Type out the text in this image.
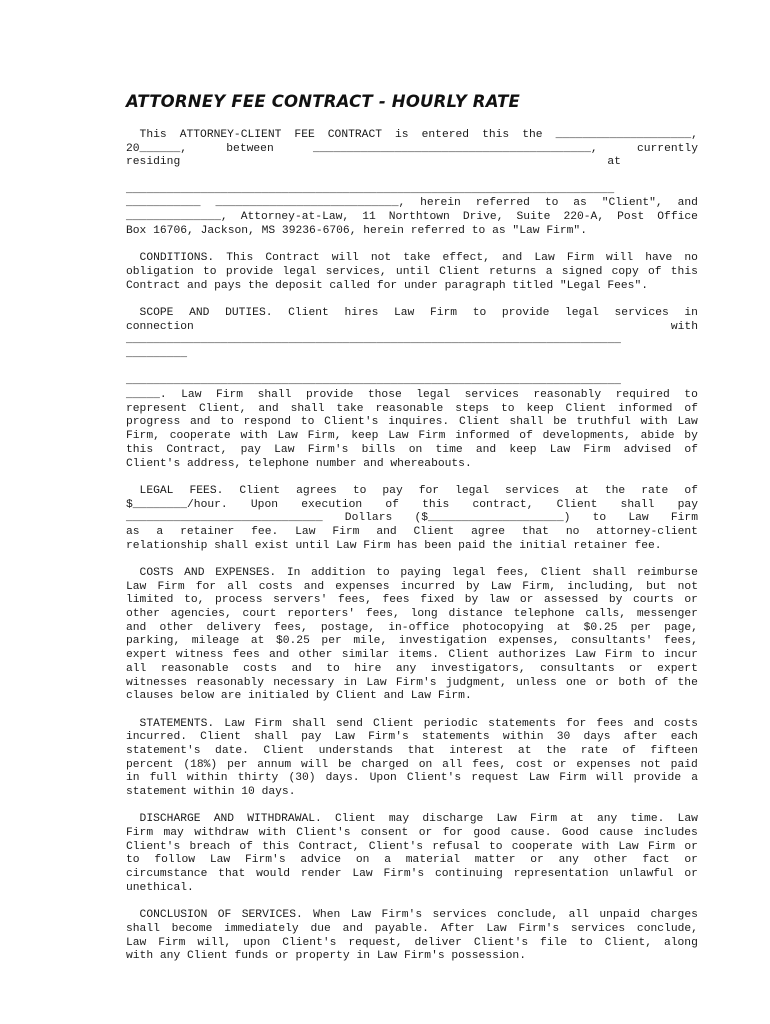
ATTORNEY FEE CONTRACT - HOURLY RATE
This ATTORNEY-CLIENT FEE CONTRACT is entered this the ____________________,
20______,	between	_________________________________________,	currently
residing                                                               at
________________________________________________________________________
___________ ___________________________, herein referred to as "Client", and
______________, Attorney-at-Law, 11 Northtown Drive, Suite 220-A, Post Office
Box 16706, Jackson, MS 39236-6706, herein referred to as "Law Firm".
CONDITIONS. This Contract will not take effect, and Law Firm will have no
obligation to provide legal services, until Client returns a signed copy of this
Contract and pays the deposit called for under paragraph titled "Legal Fees".
SCOPE AND DUTIES. Client hires Law Firm to provide legal services in
connection	with
_________________________________________________________________________
_________
_________________________________________________________________________
_____. Law Firm shall provide those legal services reasonably required to
represent Client, and shall take reasonable steps to keep Client informed of
progress and to respond to Client's inquires. Client shall be truthful with Law
Firm, cooperate with Law Firm, keep Law Firm informed of developments, abide by
this Contract, pay Law Firm's bills on time and keep Law Firm advised of
Client's address, telephone number and whereabouts.
LEGAL FEES. Client agrees to pay for legal services at the rate of
$________/hour. Upon execution of this contract, Client shall pay
_____________________________ Dollars ($____________________) to Law Firm
as a retainer fee. Law Firm and Client agree that no attorney-client
relationship shall exist until Law Firm has been paid the initial retainer fee.
COSTS AND EXPENSES. In addition to paying legal fees, Client shall reimburse
Law Firm for all costs and expenses incurred by Law Firm, including, but not
limited to, process servers' fees, fees fixed by law or assessed by courts or
other agencies, court reporters' fees, long distance telephone calls, messenger
and other delivery fees, postage, in-office photocopying at $0.25 per page,
parking, mileage at $0.25 per mile, investigation expenses, consultants' fees,
expert witness fees and other similar items. Client authorizes Law Firm to incur
all reasonable costs and to hire any investigators, consultants or expert
witnesses reasonably necessary in Law Firm's judgment, unless one or both of the
clauses below are initialed by Client and Law Firm.
STATEMENTS. Law Firm shall send Client periodic statements for fees and costs
incurred. Client shall pay Law Firm's statements within 30 days after each
statement's date. Client understands that interest at the rate of fifteen
percent (18%) per annum will be charged on all fees, cost or expenses not paid
in full within thirty (30) days. Upon Client's request Law Firm will provide a
statement within 10 days.
DISCHARGE AND WITHDRAWAL. Client may discharge Law Firm at any time. Law
Firm may withdraw with Client's consent or for good cause. Good cause includes
Client's breach of this Contract, Client's refusal to cooperate with Law Firm or
to follow Law Firm's advice on a material matter or any other fact or
circumstance that would render Law Firm's continuing representation unlawful or
unethical.
CONCLUSION OF SERVICES. When Law Firm's services conclude, all unpaid charges
shall become immediately due and payable. After Law Firm's services conclude,
Law Firm will, upon Client's request, deliver Client's file to Client, along
with any Client funds or property in Law Firm's possession.
